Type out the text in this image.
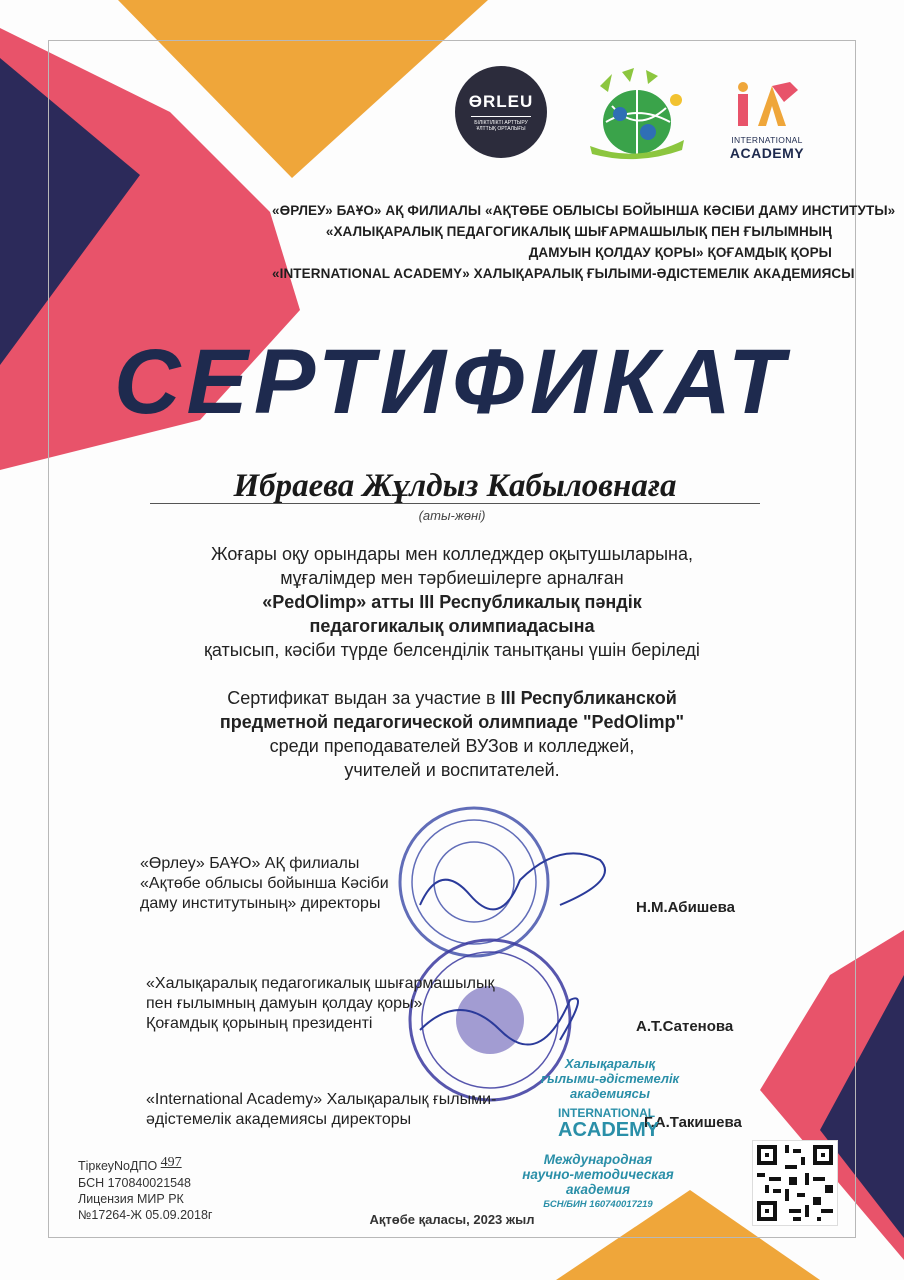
ӨRLEU
БІЛІКТІЛІКТІ АРТТЫРУ
ҰЛТТЫҚ ОРТАЛЫҒЫ
INTERNATIONAL
ACADEMY
«ӨРЛЕУ» БАҰО» АҚ ФИЛИАЛЫ «АҚТӨБЕ ОБЛЫСЫ БОЙЫНША КӘСІБИ ДАМУ ИНСТИТУТЫ»
«ХАЛЫҚАРАЛЫҚ ПЕДАГОГИКАЛЫҚ ШЫҒАРМАШЫЛЫҚ ПЕН ҒЫЛЫМНЫҢ
ДАМУЫН ҚОЛДАУ ҚОРЫ» ҚОҒАМДЫҚ ҚОРЫ
«INTERNATIONAL ACADEMY» ХАЛЫҚАРАЛЫҚ ҒЫЛЫМИ-ӘДІСТЕМЕЛІК АКАДЕМИЯСЫ
СЕРТИФИКАТ
Ибраева Жұлдыз Кабыловнаға
(аты-жөні)
Жоғары оқу орындары мен колледждер оқытушыларына,
мұғалімдер мен тәрбиешілерге арналған
«PedOlimp» атты ІІІ Республикалық пәндік
педагогикалық олимпиадасына
қатысып, кәсіби түрде белсенділік танытқаны үшін беріледі
Сертификат выдан за участие в ІІІ Республиканской
предметной педагогической олимпиаде "PedOlimp"
среди преподавателей ВУЗов и колледжей,
учителей и воспитателей.
«Өрлеу» БАҰО» АҚ филиалы
«Ақтөбе облысы бойынша Кәсіби
даму институтының» директоры	Н.М.Абишева
«Халықаралық педагогикалық шығармашылық
пен ғылымның дамуын қолдау қоры»
Қоғамдық қорының президенті	А.Т.Сатенова
«International Academy» Халықаралық ғылыми-
әдістемелік академиясы директоры	Г.А.Такишева
Халықаралық
ғылыми-әдістемелік
академиясы
INTERNATIONAL
ACADEMY
Международная
научно-методическая
академия
БСН/БИН 160740017219
ТіркеуNoДПО 497
БСН 170840021548
Лицензия МИР РК
№17264-Ж 05.09.2018г	Ақтөбе қаласы, 2023 жыл
